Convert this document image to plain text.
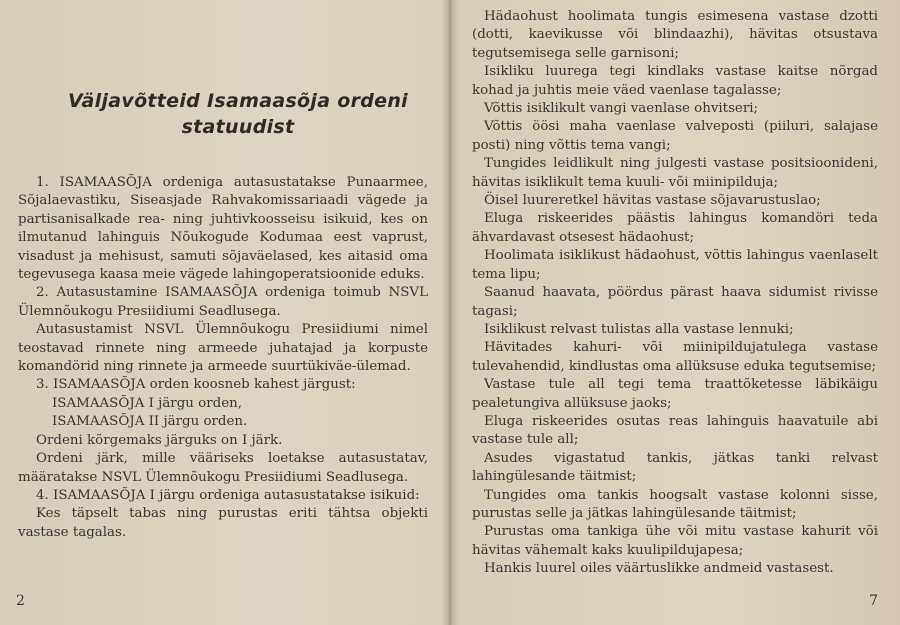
Väljavõtteid Isamaasõja ordeni
statuudist

1. ISAMAASÕJA ordeniga autasustatakse Punaarmee, Sõjalaevastiku, Siseasjade Rahvakomissariaadi vägede ja partisanisalkade rea- ning juhtivkoosseisu isikuid, kes on ilmutanud lahinguis Nõukogude Kodumaa eest vaprust, visadust ja mehisust, samuti sõjaväelased, kes aitasid oma tegevusega kaasa meie vägede lahingoperatsioonide eduks.

2. Autasustamine ISAMAASÕJA ordeniga toimub NSVL Ülemnõukogu Presiidiumi Seadlusega.

Autasustamist NSVL Ülemnõukogu Presiidiumi nimel teostavad rinnete ning armeede juhatajad ja korpuste komandörid ning rinnete ja armeede suurtükiväe-ülemad.

3. ISAMAASÕJA orden koosneb kahest järgust:

ISAMAASÕJA I järgu orden,

ISAMAASÕJA II järgu orden.

Ordeni kõrgemaks järguks on I järk.

Ordeni järk, mille vääriseks loetakse autasustatav, määratakse NSVL Ülemnõukogu Presiidiumi Seadlusega.

4. ISAMAASÕJA I järgu ordeniga autasustatakse isikuid:

Kes täpselt tabas ning purustas eriti tähtsa objekti vastase tagalas.

2

Hädaohust hoolimata tungis esimesena vastase dzotti (dotti, kaevikusse või blindaazhi), hävitas otsustava tegutsemisega selle garnisoni;

Isikliku luurega tegi kindlaks vastase kaitse nõrgad kohad ja juhtis meie väed vaenlase tagalasse;

Võttis isiklikult vangi vaenlase ohvitseri;

Võttis öösi maha vaenlase valveposti (piiluri, salajase posti) ning võttis tema vangi;

Tungides leidlikult ning julgesti vastase positsioonideni, hävitas isiklikult tema kuuli- või miinipilduja;

Öisel luureretkel hävitas vastase sõjavarustuslao;

Eluga riskeerides päästis lahingus komandöri teda ähvardavast otsesest hädaohust;

Hoolimata isiklikust hädaohust, võttis lahingus vaenlaselt tema lipu;

Saanud haavata, pöördus pärast haava sidumist rivisse tagasi;

Isiklikust relvast tulistas alla vastase lennuki;

Hävitades kahuri- või miinipildujatulega vastase tulevahendid, kindlustas oma allüksuse eduka tegutsemise;

Vastase tule all tegi tema traattõketesse läbikäigu pealetungiva allüksuse jaoks;

Eluga riskeerides osutas reas lahinguis haavatuile abi vastase tule all;

Asudes vigastatud tankis, jätkas tanki relvast lahingülesande täitmist;

Tungides oma tankis hoogsalt vastase kolonni sisse, purustas selle ja jätkas lahingülesande täitmist;

Purustas oma tankiga ühe või mitu vastase kahurit või hävitas vähemalt kaks kuulipildujapesa;

Hankis luurel oiles väärtuslikke andmeid vastasest.

7
